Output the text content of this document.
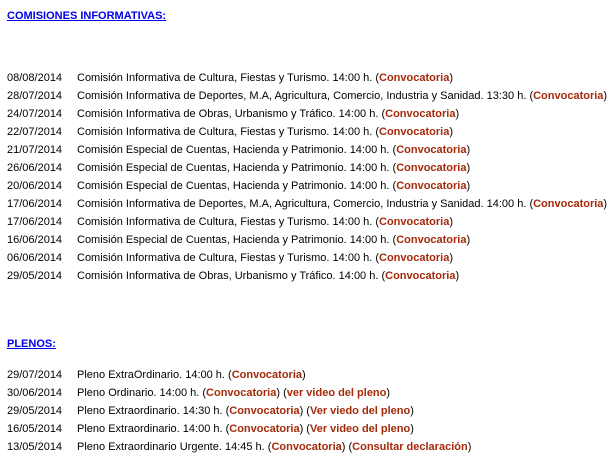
COMISIONES INFORMATIVAS:
08/08/2014	Comisión Informativa de Cultura, Fiestas y Turismo. 14:00 h. (Convocatoria)
28/07/2014	Comisión Informativa de Deportes, M.A, Agricultura, Comercio, Industria y Sanidad. 13:30 h. (Convocatoria)
24/07/2014	Comisión Informativa de Obras, Urbanismo y Tráfico. 14:00 h. (Convocatoria)
22/07/2014	Comisión Informativa de Cultura, Fiestas y Turismo. 14:00 h. (Convocatoria)
21/07/2014	Comisión Especial de Cuentas, Hacienda y Patrimonio. 14:00 h. (Convocatoria)
26/06/2014	Comisión Especial de Cuentas, Hacienda y Patrimonio. 14:00 h. (Convocatoria)
20/06/2014	Comisión Especial de Cuentas, Hacienda y Patrimonio. 14:00 h. (Convocatoria)
17/06/2014	Comisión Informativa de Deportes, M.A, Agricultura, Comercio, Industria y Sanidad. 14:00 h. (Convocatoria)
17/06/2014	Comisión Informativa de Cultura, Fiestas y Turismo. 14:00 h. (Convocatoria)
16/06/2014	Comisión Especial de Cuentas, Hacienda y Patrimonio. 14:00 h. (Convocatoria)
06/06/2014	Comisión Informativa de Cultura, Fiestas y Turismo. 14:00 h. (Convocatoria)
29/05/2014	Comisión Informativa de Obras, Urbanismo y Tráfico. 14:00 h. (Convocatoria)
PLENOS:
29/07/2014	Pleno ExtraOrdinario. 14:00 h. (Convocatoria)
30/06/2014	Pleno Ordinario. 14:00 h. (Convocatoria) (ver video del pleno)
29/05/2014	Pleno Extraordinario. 14:30 h. (Convocatoria) (Ver viedo del pleno)
16/05/2014	Pleno Extraordinario. 14:00 h. (Convocatoria) (Ver video del pleno)
13/05/2014	Pleno Extraordinario Urgente. 14:45 h. (Convocatoria) (Consultar declaración)
